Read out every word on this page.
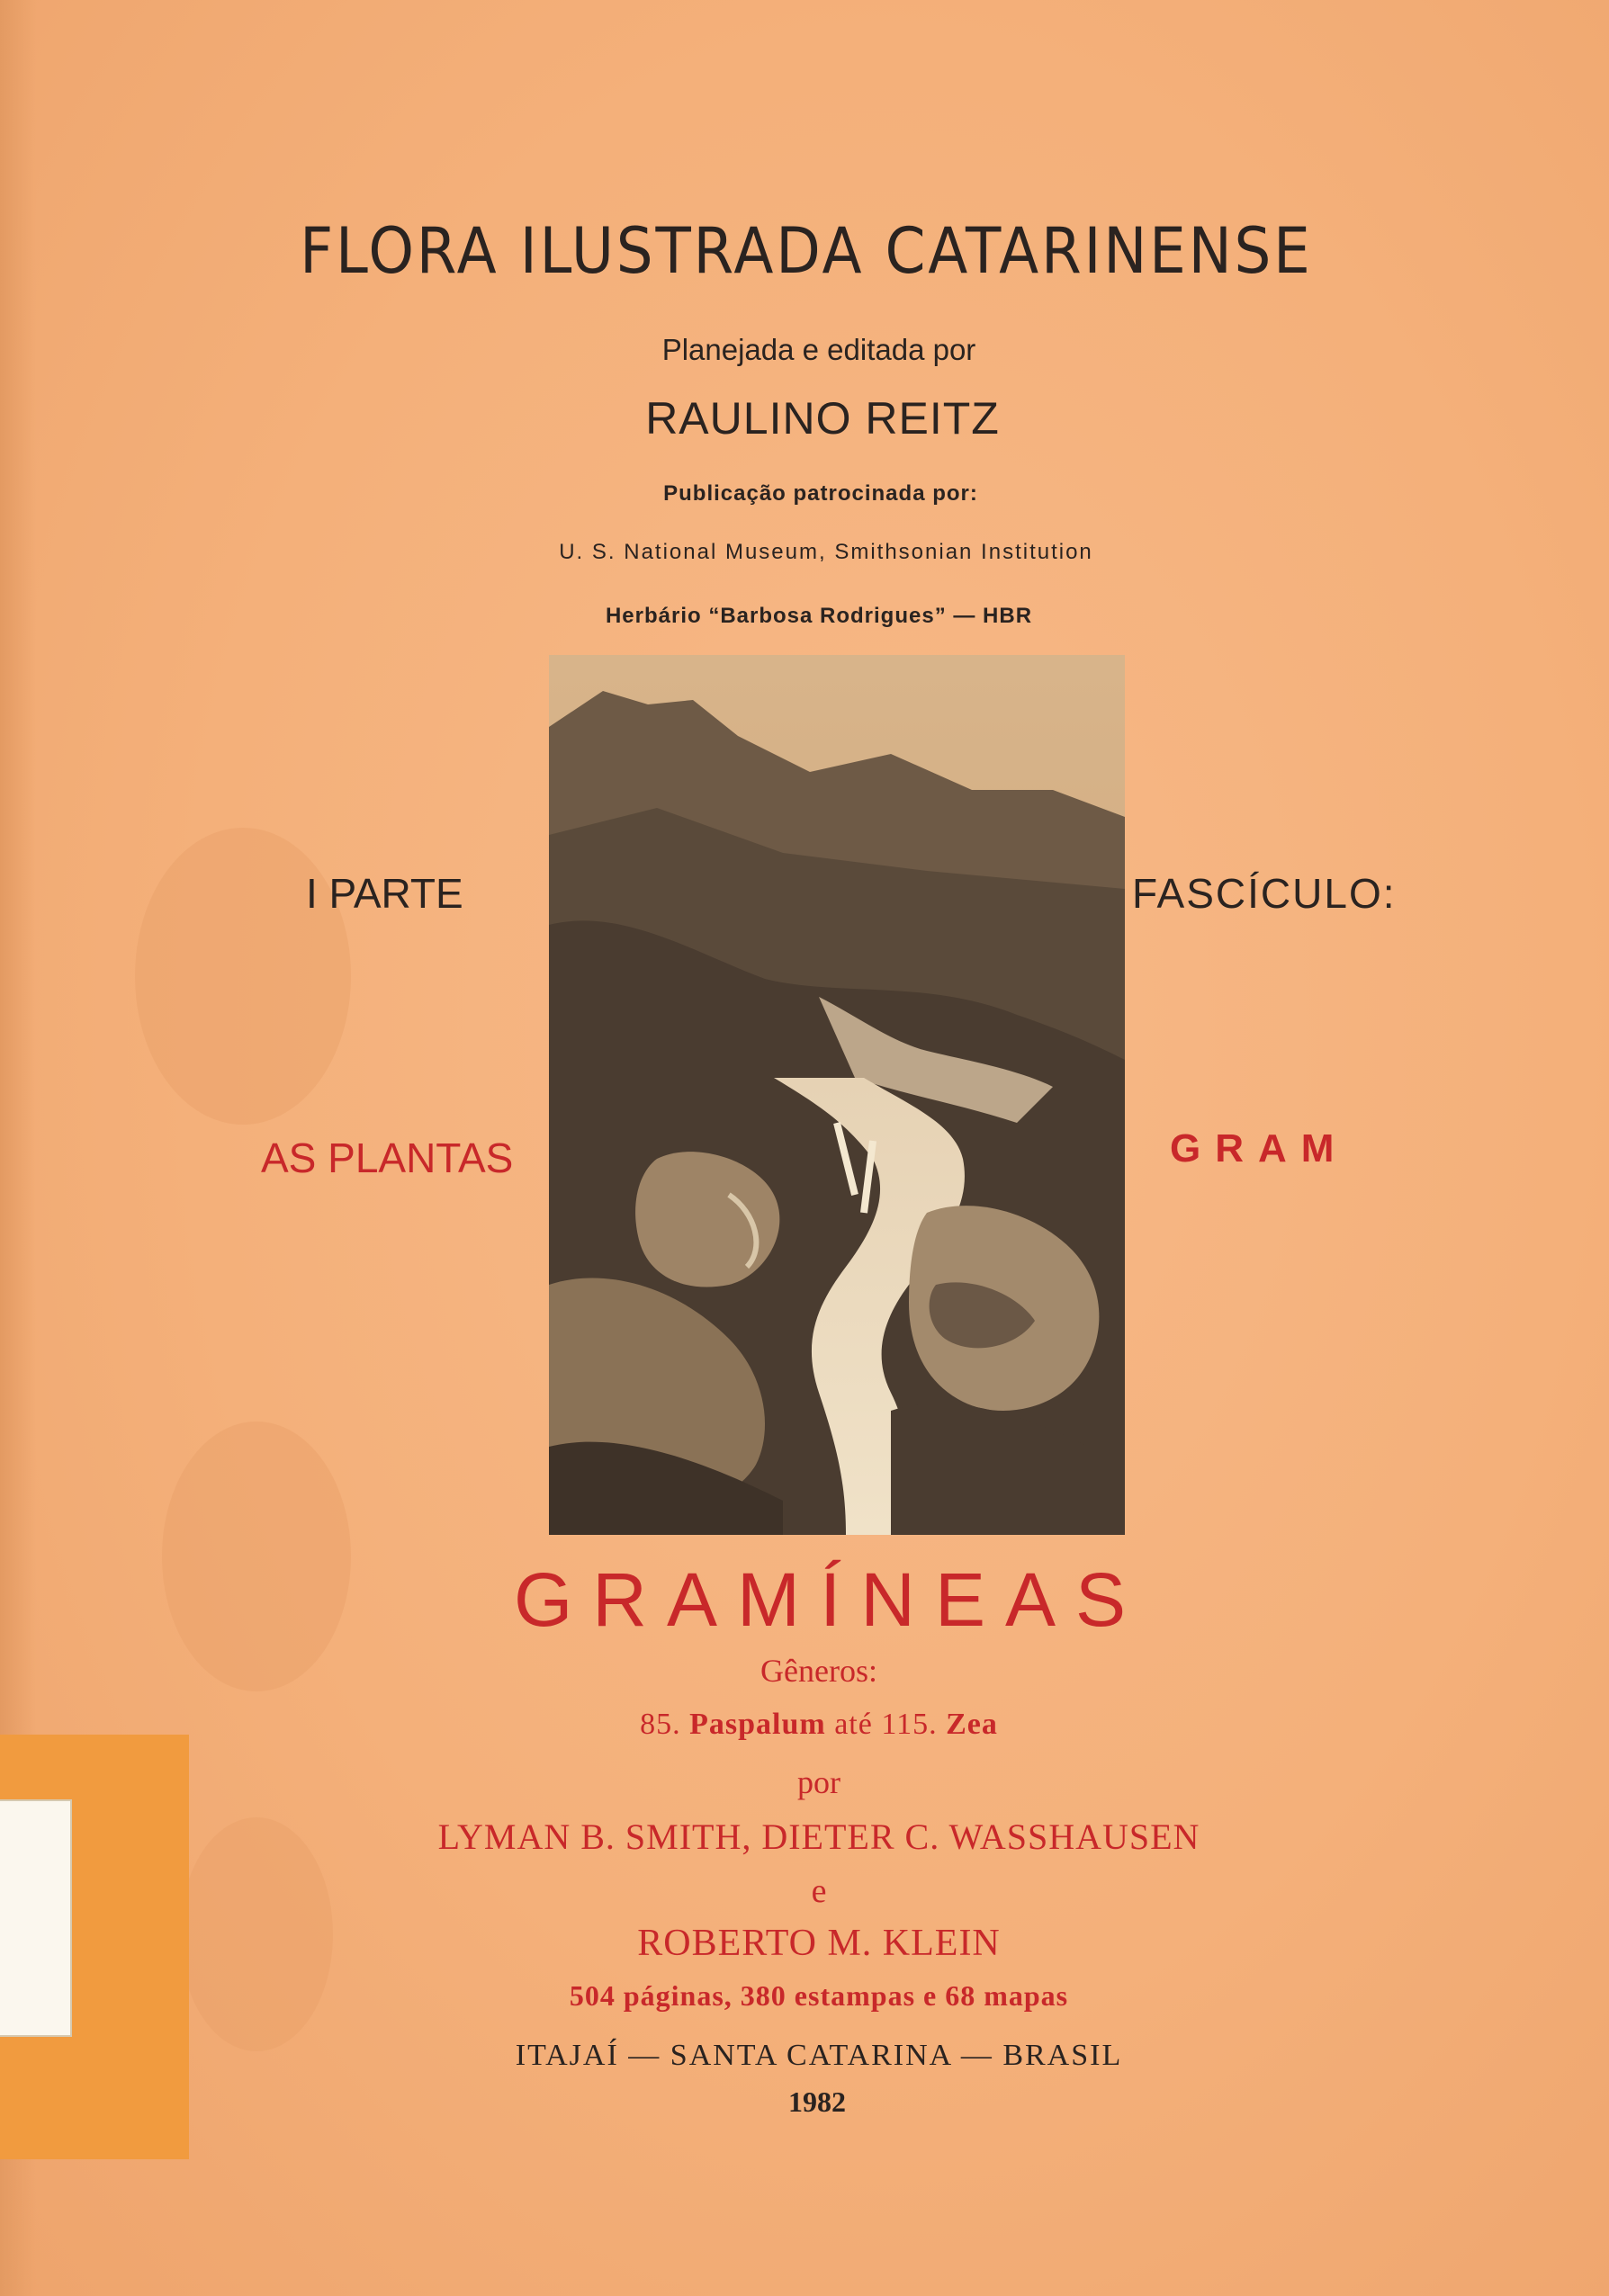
FLORA ILUSTRADA CATARINENSE
Planejada e editada por
RAULINO REITZ
Publicação patrocinada por:
U. S. National Museum, Smithsonian Institution
Herbário “Barbosa Rodrigues” — HBR
I PARTE	FASCÍCULO:
AS PLANTAS	GRAM
GRAMÍNEAS
Gêneros:
85. Paspalum até 115. Zea
por
LYMAN B. SMITH, DIETER C. WASSHAUSEN
e
ROBERTO M. KLEIN
504 páginas, 380 estampas e 68 mapas
ITAJAÍ — SANTA CATARINA — BRASIL
1982
